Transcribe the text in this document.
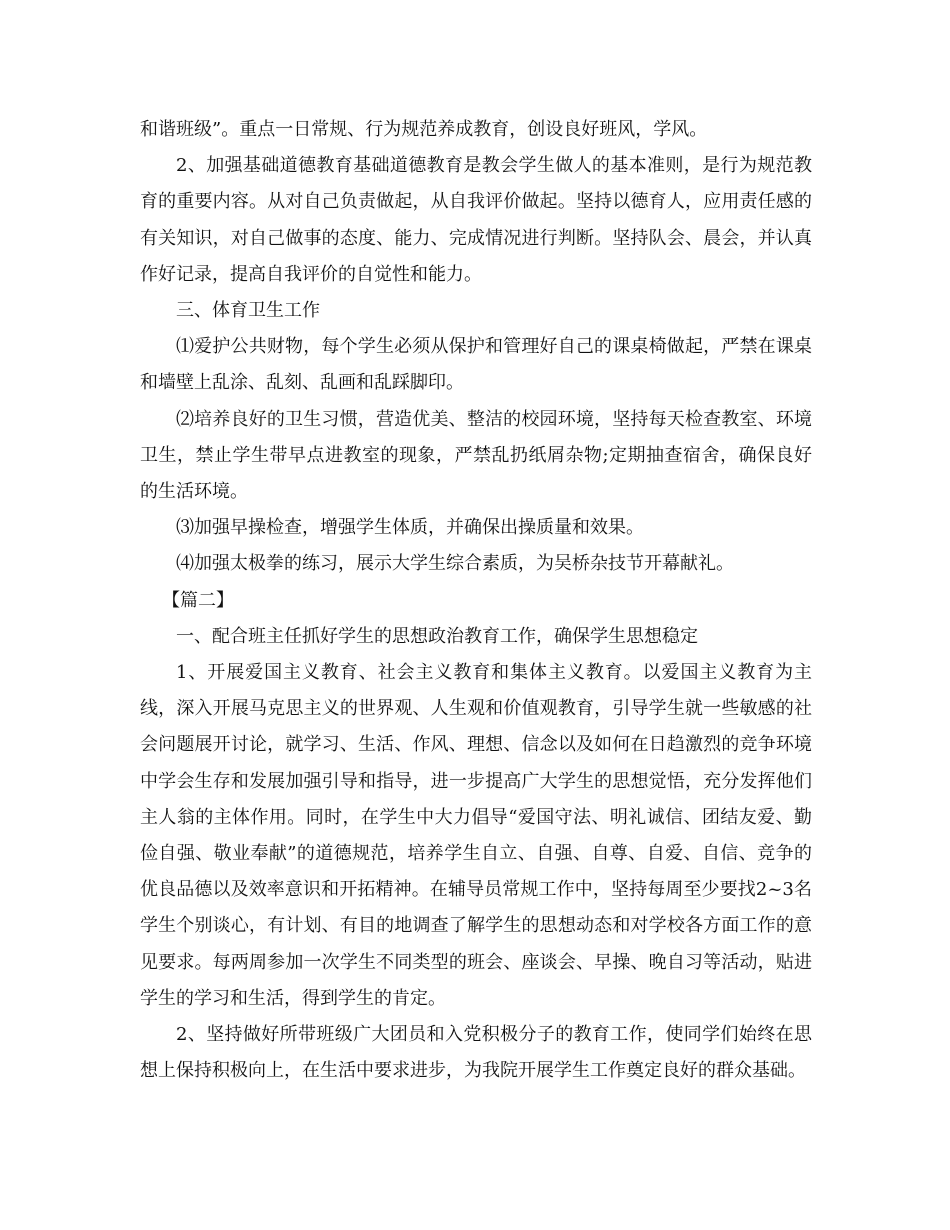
和谐班级”。重点一日常规、行为规范养成教育，创设良好班风，学风。

2、加强基础道德教育基础道德教育是教会学生做人的基本准则，是行为规范教育的重要内容。从对自己负责做起，从自我评价做起。坚持以德育人，应用责任感的有关知识，对自己做事的态度、能力、完成情况进行判断。坚持队会、晨会，并认真作好记录，提高自我评价的自觉性和能力。

三、体育卫生工作

⑴爱护公共财物，每个学生必须从保护和管理好自己的课桌椅做起，严禁在课桌和墙壁上乱涂、乱刻、乱画和乱踩脚印。

⑵培养良好的卫生习惯，营造优美、整洁的校园环境，坚持每天检查教室、环境卫生，禁止学生带早点进教室的现象，严禁乱扔纸屑杂物;定期抽查宿舍，确保良好的生活环境。

⑶加强早操检查，增强学生体质，并确保出操质量和效果。

⑷加强太极拳的练习，展示大学生综合素质，为吴桥杂技节开幕献礼。

【篇二】

一、配合班主任抓好学生的思想政治教育工作，确保学生思想稳定

1、开展爱国主义教育、社会主义教育和集体主义教育。以爱国主义教育为主线，深入开展马克思主义的世界观、人生观和价值观教育，引导学生就一些敏感的社会问题展开讨论，就学习、生活、作风、理想、信念以及如何在日趋激烈的竞争环境中学会生存和发展加强引导和指导，进一步提高广大学生的思想觉悟，充分发挥他们主人翁的主体作用。同时，在学生中大力倡导“爱国守法、明礼诚信、团结友爱、勤俭自强、敬业奉献”的道德规范，培养学生自立、自强、自尊、自爱、自信、竞争的优良品德以及效率意识和开拓精神。在辅导员常规工作中，坚持每周至少要找2~3名学生个别谈心，有计划、有目的地调查了解学生的思想动态和对学校各方面工作的意见要求。每两周参加一次学生不同类型的班会、座谈会、早操、晚自习等活动，贴进学生的学习和生活，得到学生的肯定。

2、坚持做好所带班级广大团员和入党积极分子的教育工作，使同学们始终在思想上保持积极向上，在生活中要求进步，为我院开展学生工作奠定良好的群众基础。
